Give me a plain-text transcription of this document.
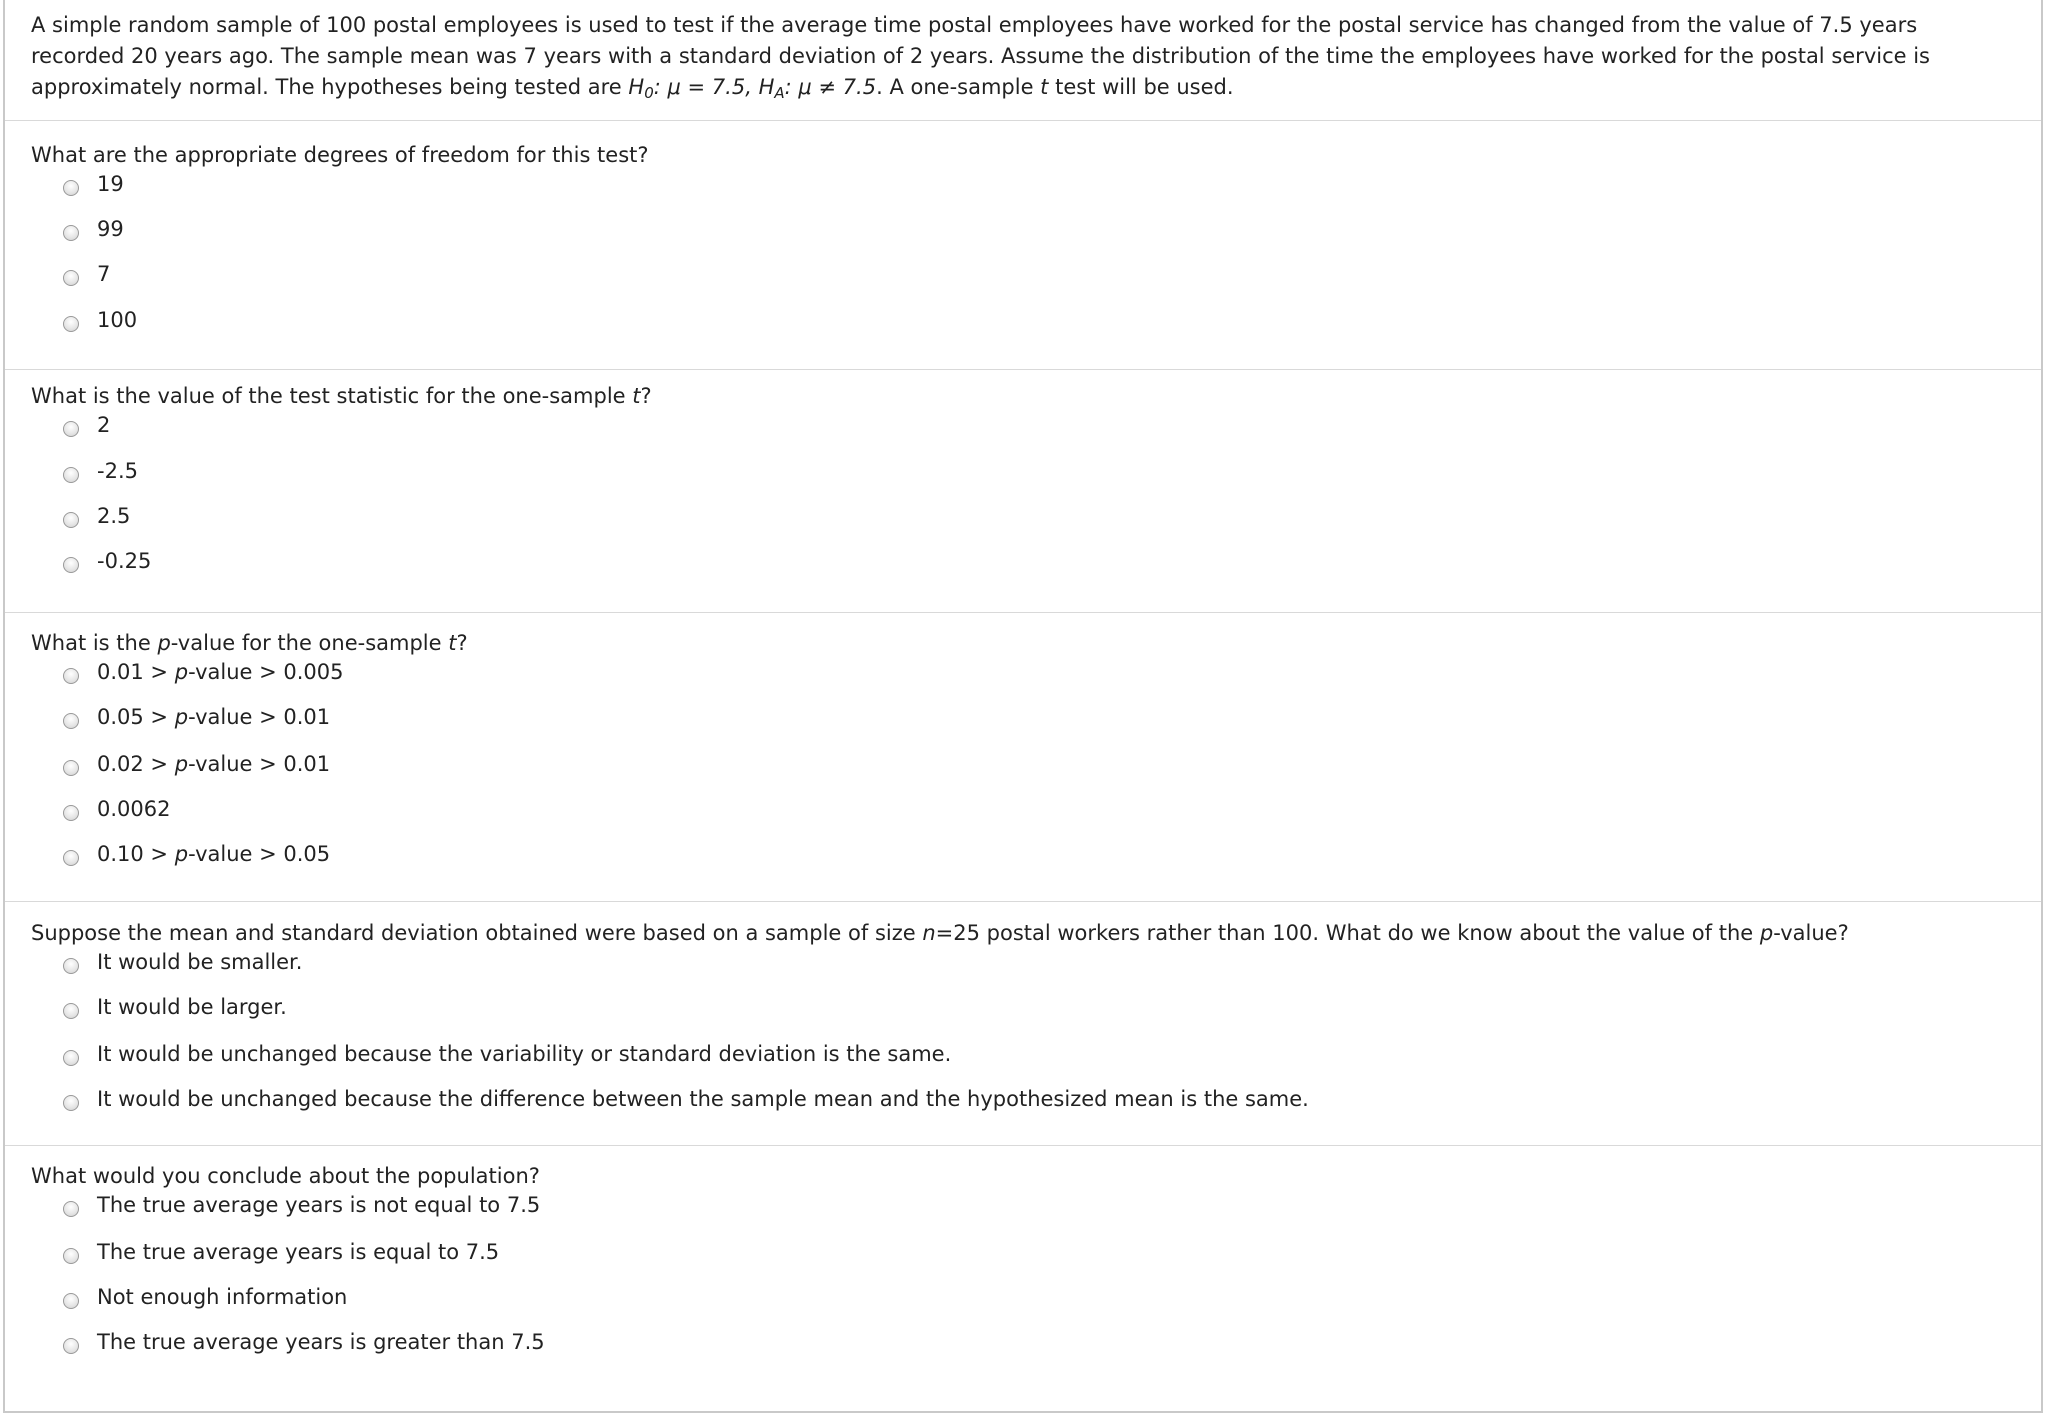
A simple random sample of 100 postal employees is used to test if the average time postal employees have worked for the postal service has changed from the value of 7.5 years
recorded 20 years ago. The sample mean was 7 years with a standard deviation of 2 years. Assume the distribution of the time the employees have worked for the postal service is
approximately normal. The hypotheses being tested are $H_0$: μ = 7.5, $H_A$: μ ≠ 7.5. A one-sample t test will be used.

What are the appropriate degrees of freedom for this test?
19
99
7
100
What is the value of the test statistic for the one-sample t?
2
-2.5
2.5
-0.25
What is the p-value for the one-sample t?
0.01 > p-value > 0.005
0.05 > p-value > 0.01
0.02 > p-value > 0.01
0.0062
0.10 > p-value > 0.05
Suppose the mean and standard deviation obtained were based on a sample of size n=25 postal workers rather than 100. What do we know about the value of the p-value?
It would be smaller.
It would be larger.
It would be unchanged because the variability or standard deviation is the same.
It would be unchanged because the difference between the sample mean and the hypothesized mean is the same.
What would you conclude about the population?
The true average years is not equal to 7.5
The true average years is equal to 7.5
Not enough information
The true average years is greater than 7.5
